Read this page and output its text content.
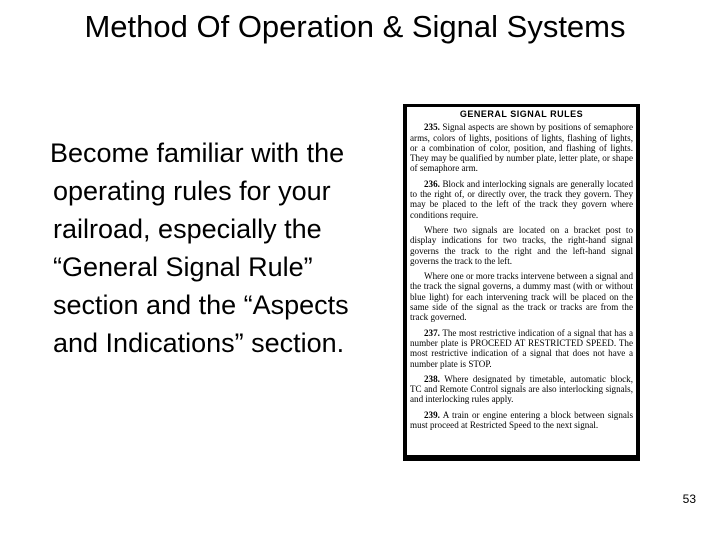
Method Of Operation & Signal Systems

Become familiar with the operating rules for your railroad, especially the “General Signal Rule” section and the “Aspects and Indications” section.

GENERAL SIGNAL RULES

235. Signal aspects are shown by positions of semaphore arms, colors of lights, positions of lights, flashing of lights, or a combination of color, position, and flashing of lights. They may be qualified by number plate, letter plate, or shape of semaphore arm.

236. Block and interlocking signals are generally located to the right of, or directly over, the track they govern. They may be placed to the left of the track they govern where conditions require.

Where two signals are located on a bracket post to display indications for two tracks, the right-hand signal governs the track to the right and the left-hand signal governs the track to the left.

Where one or more tracks intervene between a signal and the track the signal governs, a dummy mast (with or without blue light) for each intervening track will be placed on the same side of the signal as the track or tracks are from the track governed.

237. The most restrictive indication of a signal that has a number plate is PROCEED AT RESTRICTED SPEED. The most restrictive indication of a signal that does not have a number plate is STOP.

238. Where designated by timetable, automatic block, TC and Remote Control signals are also interlocking signals, and interlocking rules apply.

239. A train or engine entering a block between signals must proceed at Restricted Speed to the next signal.

53
